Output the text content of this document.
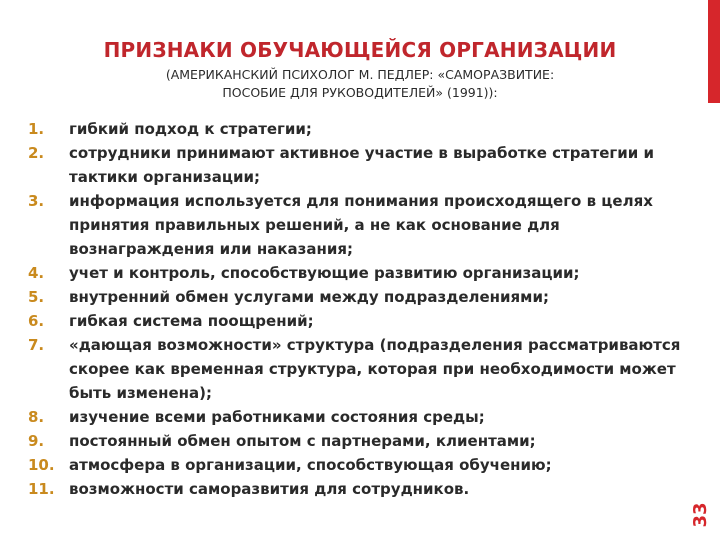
ПРИЗНАКИ ОБУЧАЮЩЕЙСЯ ОРГАНИЗАЦИИ
(АМЕРИКАНСКИЙ ПСИХОЛОГ М. ПЕДЛЕР: «САМОРАЗВИТИЕ: ПОСОБИЕ ДЛЯ РУКОВОДИТЕЛЕЙ» (1991)):
1. гибкий подход к стратегии;
2. сотрудники принимают активное участие в выработке стратегии и тактики организации;
3. информация используется для понимания происходящего в целях принятия правильных решений, а не как основание для вознаграждения или наказания;
4. учет и контроль, способствующие развитию организации;
5. внутренний обмен услугами между подразделениями;
6. гибкая система поощрений;
7. «дающая возможности» структура (подразделения рассматриваются скорее как временная структура, которая при необходимости может быть изменена);
8. изучение всеми работниками состояния среды;
9. постоянный обмен опытом с партнерами, клиентами;
10. атмосфера в организации, способствующая обучению;
11. возможности саморазвития для сотрудников.
33
